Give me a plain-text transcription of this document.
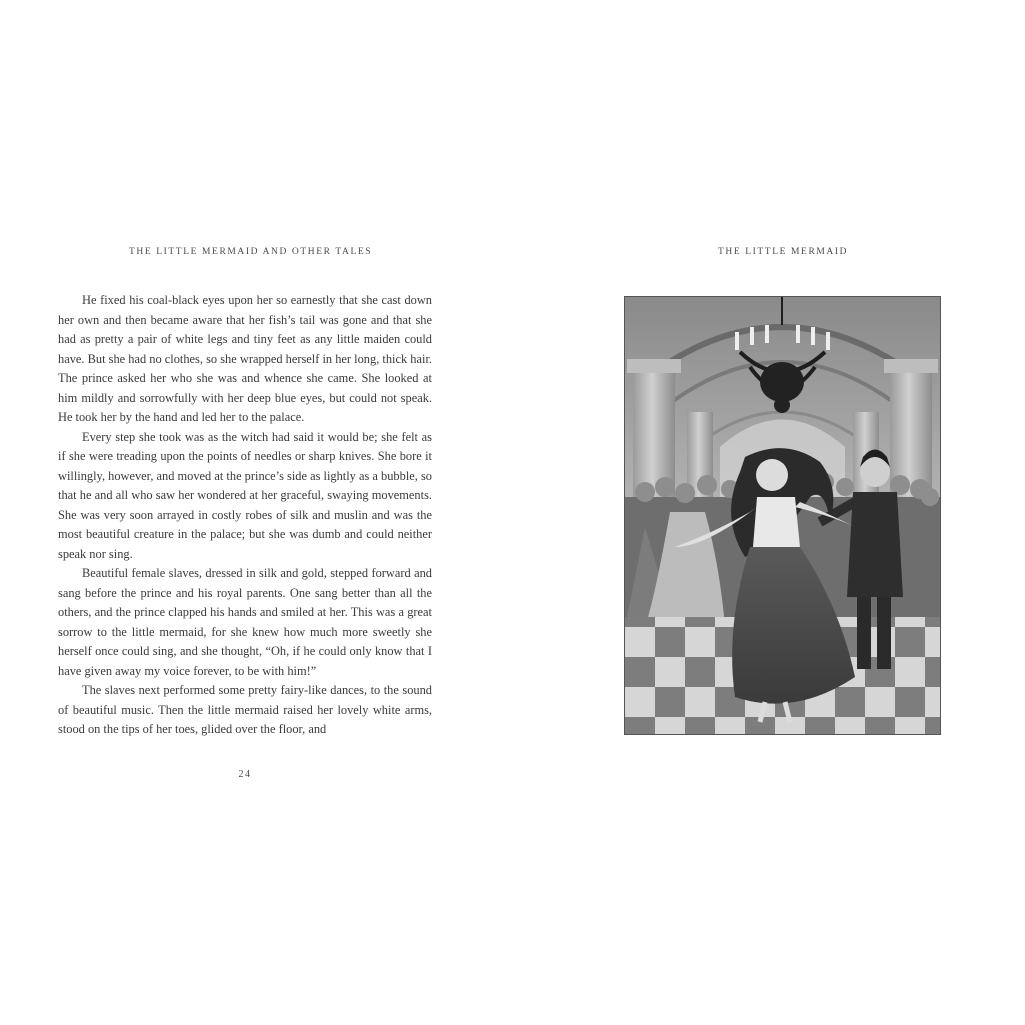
THE LITTLE MERMAID AND OTHER TALES

He fixed his coal-black eyes upon her so earnestly that she cast down her own and then became aware that her fish’s tail was gone and that she had as pretty a pair of white legs and tiny feet as any little maiden could have. But she had no clothes, so she wrapped herself in her long, thick hair. The prince asked her who she was and whence she came. She looked at him mildly and sorrowfully with her deep blue eyes, but could not speak. He took her by the hand and led her to the palace.

Every step she took was as the witch had said it would be; she felt as if she were treading upon the points of needles or sharp knives. She bore it willingly, however, and moved at the prince’s side as lightly as a bubble, so that he and all who saw her wondered at her graceful, swaying movements. She was very soon arrayed in costly robes of silk and muslin and was the most beautiful creature in the palace; but she was dumb and could neither speak nor sing.

Beautiful female slaves, dressed in silk and gold, stepped forward and sang before the prince and his royal parents. One sang better than all the others, and the prince clapped his hands and smiled at her. This was a great sorrow to the little mermaid, for she knew how much more sweetly she herself once could sing, and she thought, “Oh, if he could only know that I have given away my voice forever, to be with him!”

The slaves next performed some pretty fairy-like dances, to the sound of beautiful music. Then the little mermaid raised her lovely white arms, stood on the tips of her toes, glided over the floor, and

24
THE LITTLE MERMAID
